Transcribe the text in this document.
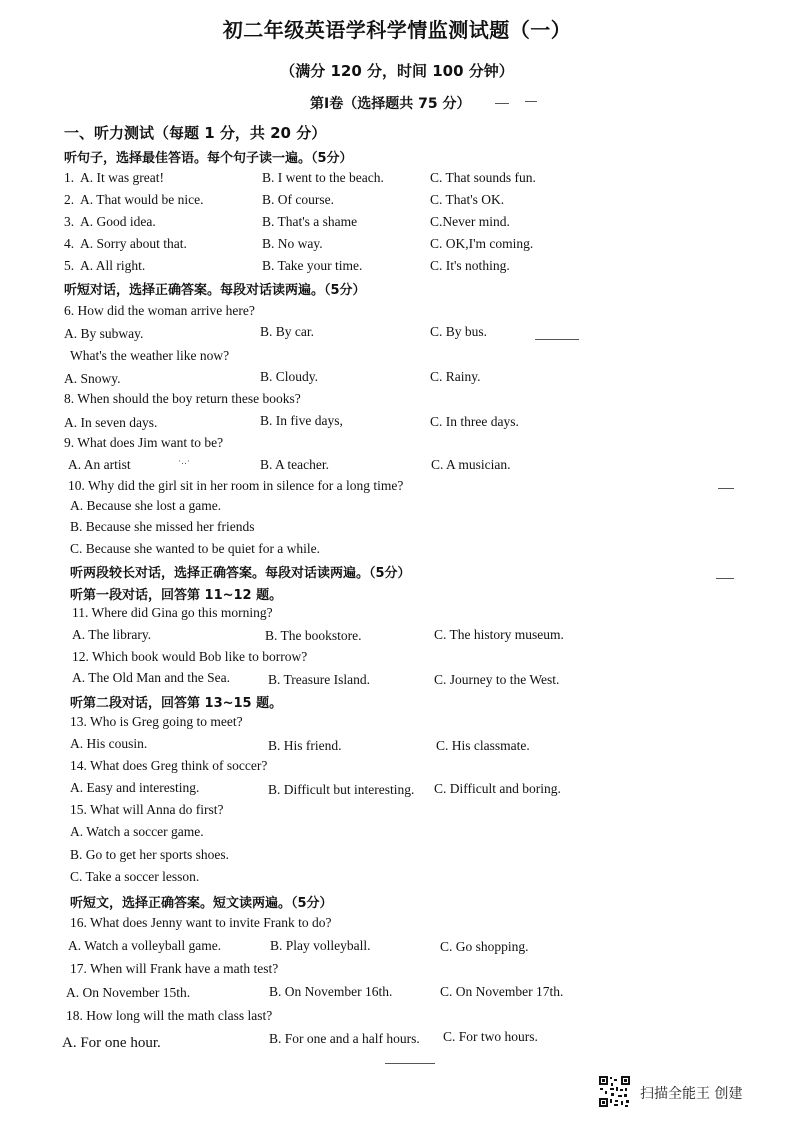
初二年级英语学科学情监测试题（一）
（满分 120 分，时间 100 分钟）
第Ⅰ卷（选择题共 75 分）
一、听力测试（每题 1 分，共 20 分）
听句子，选择最佳答语。每个句子读一遍。（5分）
1. A. It was great!	B. I went to the beach.	C. That sounds fun.
2. A. That would be nice.	B. Of course.	C. That's OK.
3. A. Good idea.	B. That's a shame	C.Never mind.
4. A. Sorry about that.	B. No way.	C. OK,I'm coming.
5. A. All right.	B. Take your time.	C. It's nothing.
听短对话，选择正确答案。每段对话读两遍。（5分）
6. How did the woman arrive here?
A. By subway.	B. By car.	C. By bus.
What's the weather like now?
A. Snowy.	B. Cloudy.	C. Rainy.
8. When should the boy return these books?
A. In seven days.	B. In five days,	C. In three days.
9. What does Jim want to be?
A. An artist	B. A teacher.	C. A musician.
·‥·
10. Why did the girl sit in her room in silence for a long time?
A. Because she lost a game.
B. Because she missed her friends
C. Because she wanted to be quiet for a while.
听两段较长对话，选择正确答案。每段对话读两遍。（5分）
听第一段对话，回答第 11~12 题。
11. Where did Gina go this morning?
A. The library.	B. The bookstore.	C. The history museum.
12. Which book would Bob like to borrow?
A. The Old Man and the Sea.	B. Treasure Island.	C. Journey to the West.
听第二段对话，回答第 13~15 题。
13. Who is Greg going to meet?
A. His cousin.	B. His friend.	C. His classmate.
14. What does Greg think of soccer?
A. Easy and interesting.	B. Difficult but interesting. C. Difficult and boring.
15. What will Anna do first?
A. Watch a soccer game.
B. Go to get her sports shoes.
C. Take a soccer lesson.
听短文，选择正确答案。短文读两遍。（5分）
16. What does Jenny want to invite Frank to do?
A. Watch a volleyball game.	B. Play volleyball.	C. Go shopping.
17. When will Frank have a math test?
A. On November 15th.	B. On November 16th.	C. On November 17th.
18. How long will the math class last?
A. For one hour.	B. For one and a half hours. C. For two hours.
扫描全能王 创建
